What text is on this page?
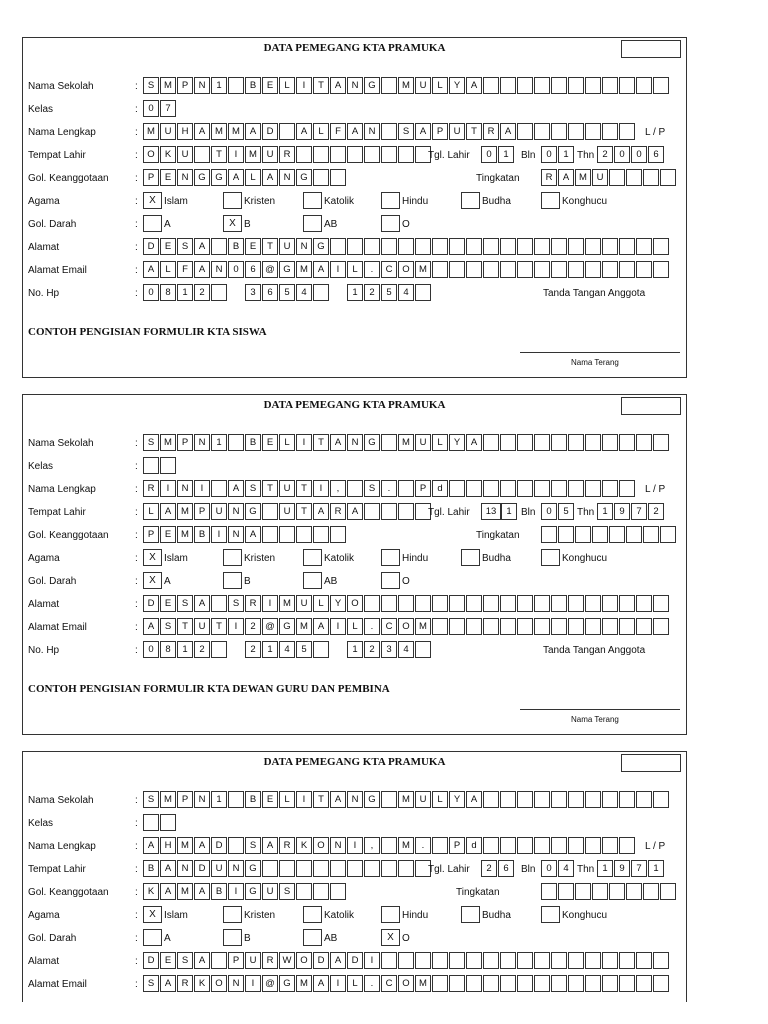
DATA PEMEGANG KTA PRAMUKA
Nama Sekolah	:	S	M	P	N	1	B	E	L	I	T	A	N	G	M	U	L	Y	A
Kelas	:	0	7
Nama Lengkap	: M	U	H	A	M M	A	D	A	L	F	A	N	S	A	P	U	T	R	A	L / P
Tempat Lahir	:	O	K	U	T	I	M	U	R	Tgl. Lahir	0	1	Bln	0	1 Thn 2	0	0	6
Gol. Keanggotaan	:	P	E	N	G	G	A	L	A	N	G	Tingkatan	R	A	M	U
Agama	:	X Islam	Kristen	Katolik	Hindu	Budha	Konghucu
Gol. Darah	:	A	X B	AB	O
Alamat	:	D	E	S	A	B	E	T	U	N	G
Alamat Email	:	A	L	F	A	N	0	6	@ G M	A	I	L	.	C	O M
No. Hp	:	0	8	1	2	3	6	5	4	1	2	5	4	Tanda Tangan Anggota
CONTOH PENGISIAN FORMULIR KTA SISWA
Nama Terang
DATA PEMEGANG KTA PRAMUKA
Nama Sekolah	:	S	M	P	N	1	B	E	L	I	T	A	N	G	M	U	L	Y	A
Kelas	:
Nama Lengkap	:	R	I	N	I	A	S	T	U	T	I	,	S	.	P	d	L / P
Tempat Lahir	:	L	A	M	P	U	N	G	U	T	A	R	A	Tgl. Lahir	13	1 Bln	0	5 Thn 1	9	7	2
Gol. Keanggotaan	:	P	E	M	B	I	N	A	Tingkatan
Agama	:	X Islam	Kristen	Katolik	Hindu	Budha	Konghucu
Gol. Darah	:	X A	B	AB	O
Alamat	:	D	E	S	A	S	R	I	M	U	L	Y	O
Alamat Email	:	A	S	T	U	T	I	2	@ G M	A	I	L	.	C	O M
No. Hp	:	0	8	1	2	2	1	4	5	1	2	3	4	Tanda Tangan Anggota
CONTOH PENGISIAN FORMULIR KTA DEWAN GURU DAN PEMBINA
Nama Terang
DATA PEMEGANG KTA PRAMUKA
Nama Sekolah	:	S	M	P	N	1	B	E	L	I	T	A	N	G	M	U	L	Y	A
Kelas	:
Nama Lengkap	:	A	H	M	A	D	S	A	R	K	O	N	I	,	M	.	P	d	L / P
Tempat Lahir	:	B	A	N	D	U	N	G	Tgl. Lahir	2	6	Bln	0	4 Thn 1	9	7	1
Gol. Keanggotaan	:	K	A	M	A	B	I	G	U	S	Tingkatan
Agama	:	X Islam	Kristen	Katolik	Hindu	Budha	Konghucu
Gol. Darah	:	A	B	AB	X O
Alamat	:	D	E	S	A	P	U	R W O	D	A	D	I
Alamat Email	:	S	A	R	K	O	N	I	@ G M	A	I	L	.	C	O M
